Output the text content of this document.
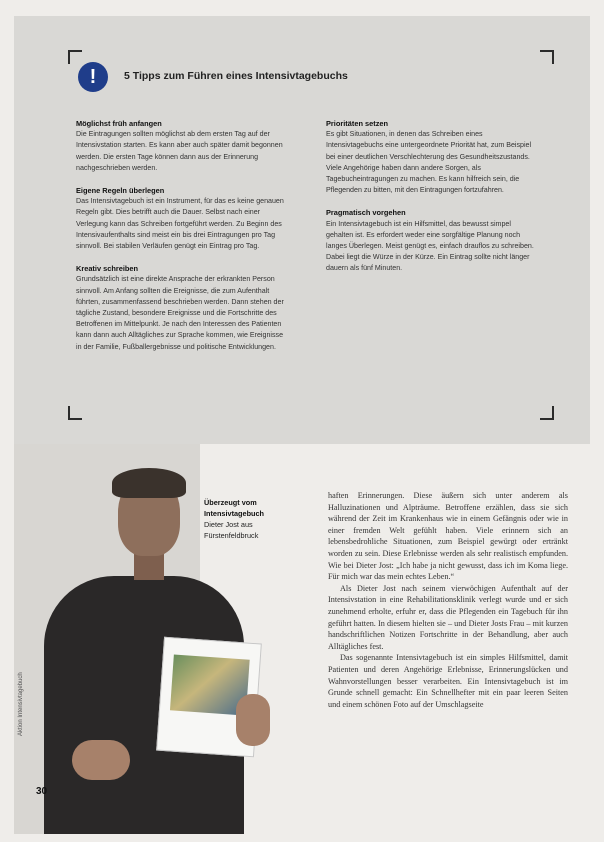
!	5 Tipps zum Führen eines Intensivtagebuchs
Möglichst früh anfangen

Die Eintragungen sollten möglichst ab dem ersten Tag auf der Intensivstation starten. Es kann aber auch später damit begonnen werden. Die ersten Tage können dann aus der Erinnerung nachgeschrieben werden.

Eigene Regeln überlegen

Das Intensivtagebuch ist ein Instrument, für das es keine genauen Regeln gibt. Dies betrifft auch die Dauer. Selbst nach einer Verlegung kann das Schreiben fortgeführt werden. Zu Beginn des Intensivaufenthalts sind meist ein bis drei Eintragungen pro Tag sinnvoll. Bei stabilen Verläufen genügt ein Eintrag pro Tag.

Kreativ schreiben

Grundsätzlich ist eine direkte Ansprache der erkrankten Person sinnvoll. Am Anfang sollten die Ereignisse, die zum Aufenthalt führten, zusammenfassend beschrieben werden. Dann stehen der tägliche Zustand, besondere Ereignisse und die Fortschritte des Betroffenen im Mittelpunkt. Je nach den Interessen des Patienten kann dann auch Alltägliches zur Sprache kommen, wie Ereignisse in der Familie, Fußballergebnisse und politische Entwicklungen.

Prioritäten setzen

Es gibt Situationen, in denen das Schreiben eines Intensivtagebuchs eine untergeordnete Priorität hat, zum Beispiel bei einer deutlichen Verschlechterung des Gesundheitszustands. Viele Angehörige haben dann andere Sorgen, als Tagebucheintragungen zu machen. Es kann hilfreich sein, die Pflegenden zu bitten, mit den Eintragungen fortzufahren.

Pragmatisch vorgehen

Ein Intensivtagebuch ist ein Hilfsmittel, das bewusst simpel gehalten ist. Es erfordert weder eine sorgfältige Planung noch langes Überlegen. Meist genügt es, einfach drauflos zu schreiben. Dabei liegt die Würze in der Kürze. Ein Eintrag sollte nicht länger dauern als fünf Minuten.

Aktion Intensivtagebuch
30
Überzeugt vom Intensivtagebuch
Dieter Jost aus Fürstenfeldbruck

haften Erinnerungen. Diese äußern sich unter anderem als Halluzinationen und Alpträume. Betroffene erzählen, dass sie sich während der Zeit im Krankenhaus wie in einem Gefängnis oder wie in einer fremden Welt gefühlt haben. Viele erinnern sich an lebensbedrohliche Situationen, zum Beispiel gewürgt oder ertränkt worden zu sein. Diese Erlebnisse werden als sehr realistisch empfunden. Wie bei Dieter Jost: „Ich habe ja nicht gewusst, dass ich im Koma liege. Für mich war das mein echtes Leben.“

Als Dieter Jost nach seinem vierwöchigen Aufenthalt auf der Intensivstation in eine Rehabilitationsklinik verlegt wurde und er sich zunehmend erholte, erfuhr er, dass die Pflegenden ein Tagebuch für ihn geführt hatten. In diesem hielten sie – und Dieter Josts Frau – mit kurzen handschriftlichen Notizen Fortschritte in der Behandlung, aber auch Alltägliches fest.

Das sogenannte Intensivtagebuch ist ein simples Hilfsmittel, damit Patienten und deren Angehörige Erlebnisse, Erinnerungslücken und Wahnvorstellungen besser verarbeiten. Ein Intensivtagebuch ist im Grunde schnell gemacht: Ein Schnellhefter mit ein paar leeren Seiten und einem schönen Foto auf der Umschlagseite
